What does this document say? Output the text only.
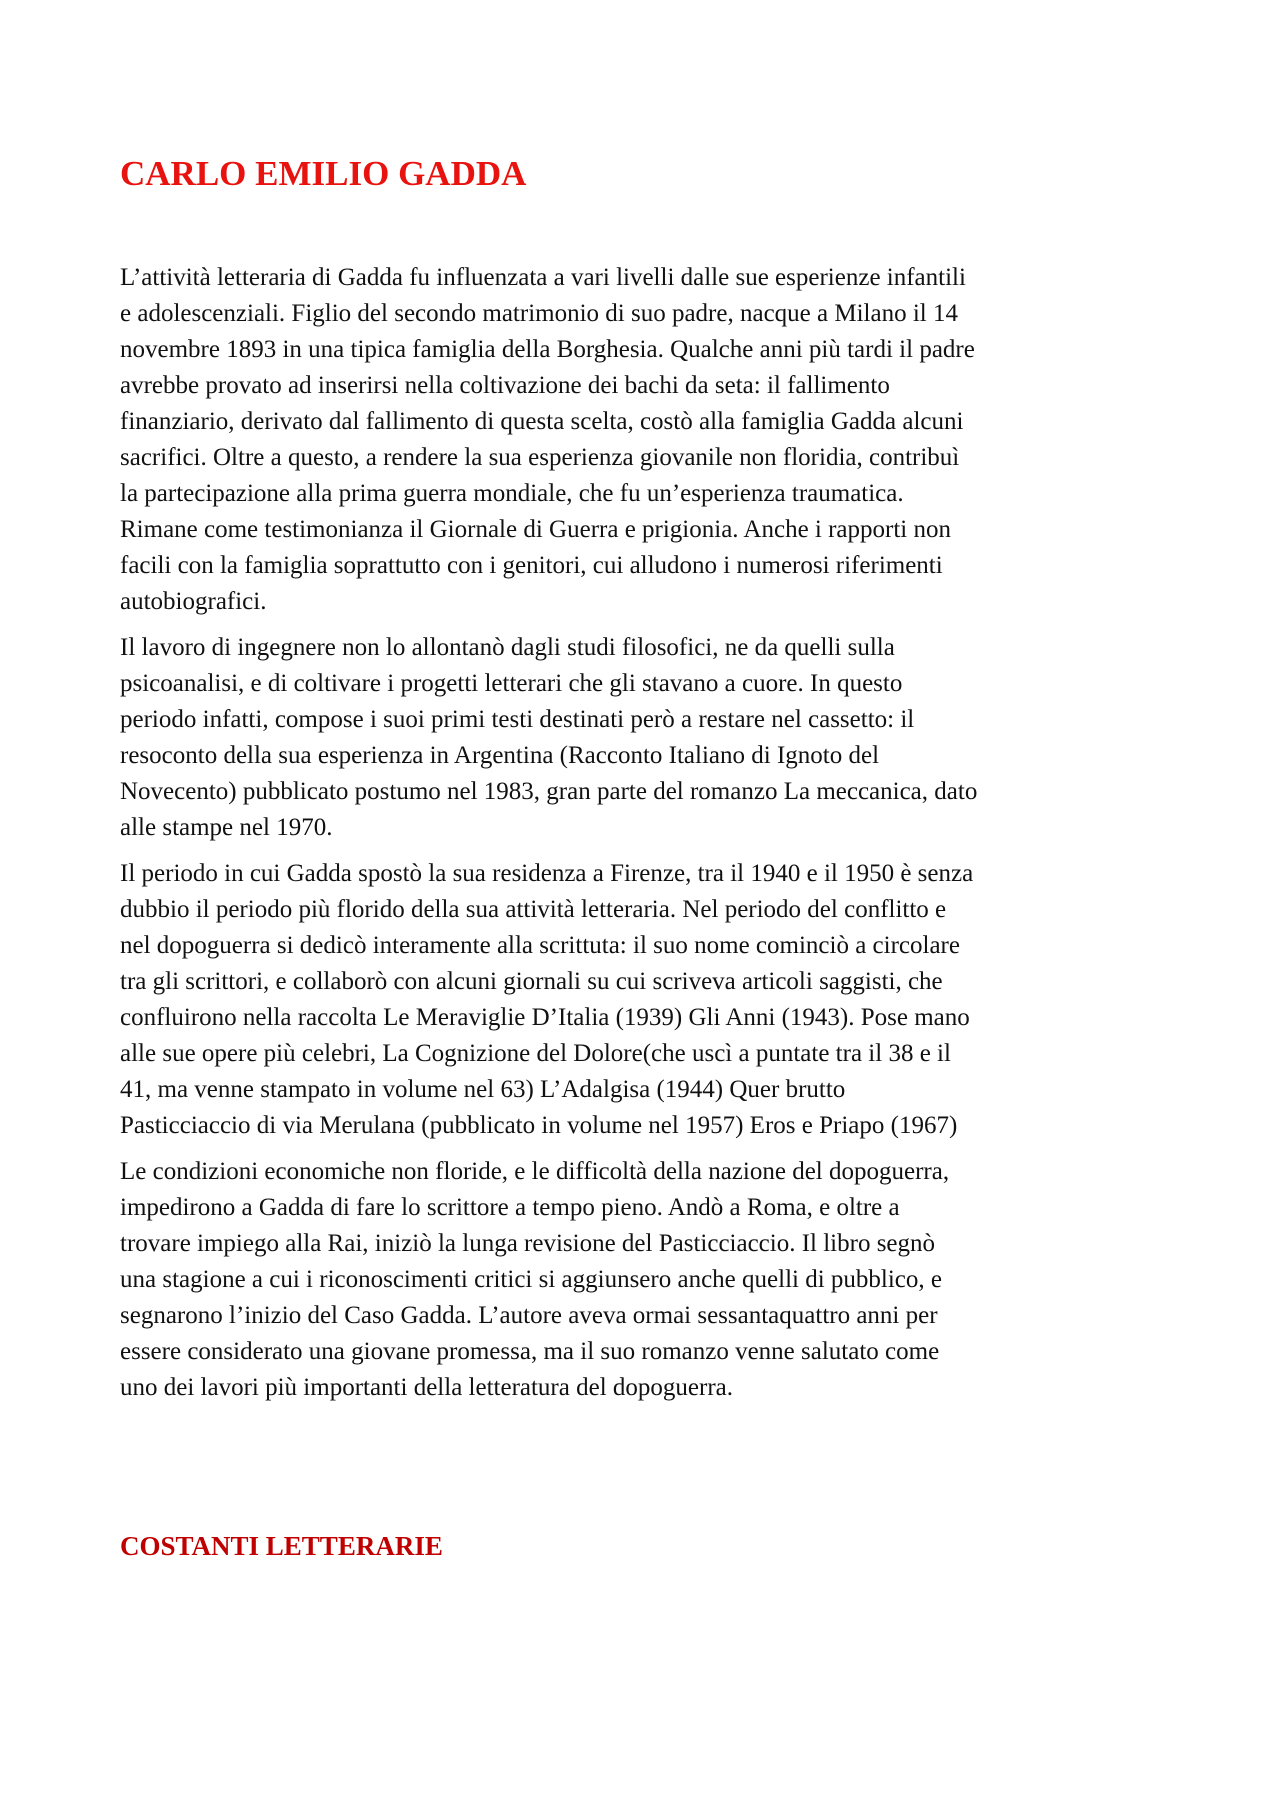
CARLO EMILIO GADDA

L’attività letteraria di Gadda fu influenzata a vari livelli dalle sue esperienze infantili
e adolescenziali. Figlio del secondo matrimonio di suo padre, nacque a Milano il 14
novembre 1893 in una tipica famiglia della Borghesia. Qualche anni più tardi il padre
avrebbe provato ad inserirsi nella coltivazione dei bachi da seta: il fallimento
finanziario, derivato dal fallimento di questa scelta, costò alla famiglia Gadda alcuni
sacrifici. Oltre a questo, a rendere la sua esperienza giovanile non floridia, contribuì
la partecipazione alla prima guerra mondiale, che fu un’esperienza traumatica.
Rimane come testimonianza il Giornale di Guerra e prigionia. Anche i rapporti non
facili con la famiglia soprattutto con i genitori, cui alludono i numerosi riferimenti
autobiografici.

Il lavoro di ingegnere non lo allontanò dagli studi filosofici, ne da quelli sulla
psicoanalisi, e di coltivare i progetti letterari che gli stavano a cuore. In questo
periodo infatti, compose i suoi primi testi destinati però a restare nel cassetto: il
resoconto della sua esperienza in Argentina (Racconto Italiano di Ignoto del
Novecento) pubblicato postumo nel 1983, gran parte del romanzo La meccanica, dato
alle stampe nel 1970.

Il periodo in cui Gadda spostò la sua residenza a Firenze, tra il 1940 e il 1950 è senza
dubbio il periodo più florido della sua attività letteraria. Nel periodo del conflitto e
nel dopoguerra si dedicò interamente alla scrittuta: il suo nome cominciò a circolare
tra gli scrittori, e collaborò con alcuni giornali su cui scriveva articoli saggisti, che
confluirono nella raccolta Le Meraviglie D’Italia (1939) Gli Anni (1943). Pose mano
alle sue opere più celebri, La Cognizione del Dolore(che uscì a puntate tra il 38 e il
41, ma venne stampato in volume nel 63) L’Adalgisa (1944) Quer brutto
Pasticciaccio di via Merulana (pubblicato in volume nel 1957) Eros e Priapo (1967)

Le condizioni economiche non floride, e le difficoltà della nazione del dopoguerra,
impedirono a Gadda di fare lo scrittore a tempo pieno. Andò a Roma, e oltre a
trovare impiego alla Rai, iniziò la lunga revisione del Pasticciaccio. Il libro segnò
una stagione a cui i riconoscimenti critici si aggiunsero anche quelli di pubblico, e
segnarono l’inizio del Caso Gadda. L’autore aveva ormai sessantaquattro anni per
essere considerato una giovane promessa, ma il suo romanzo venne salutato come
uno dei lavori più importanti della letteratura del dopoguerra.

COSTANTI LETTERARIE
